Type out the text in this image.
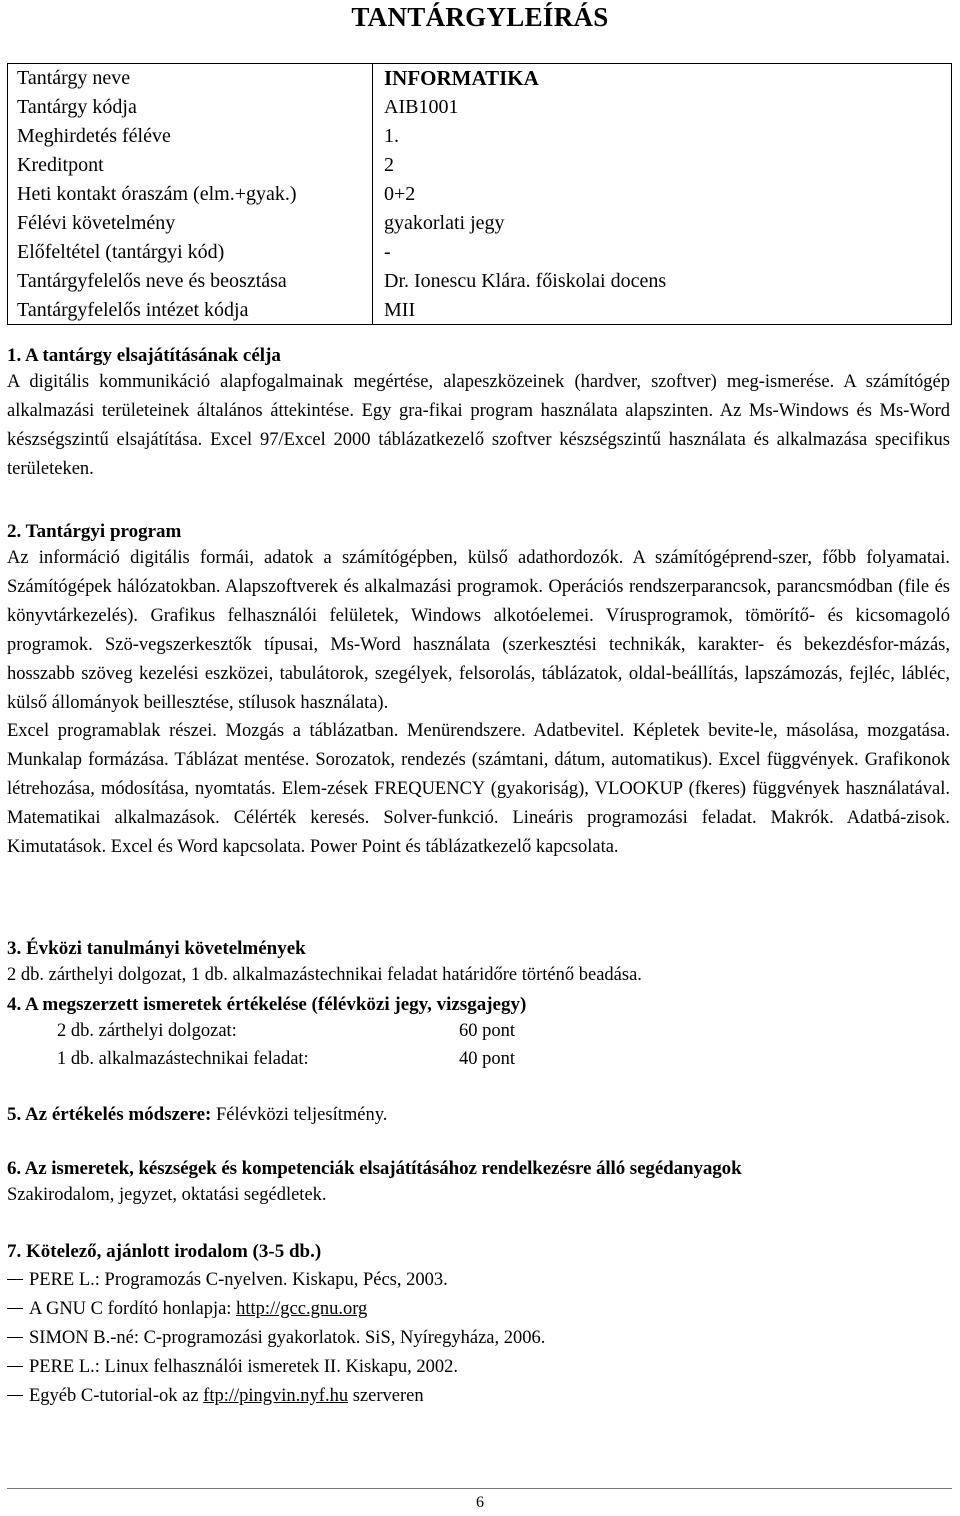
TANTÁRGYLEÍRÁS
Tantárgy neve	INFORMATIKA
Tantárgy kódja	AIB1001
Meghirdetés féléve	1.
Kreditpont	2
Heti kontakt óraszám (elm.+gyak.)	0+2
Félévi követelmény	gyakorlati jegy
Előfeltétel (tantárgyi kód)	-
Tantárgyfelelős neve és beosztása	Dr. Ionescu Klára. főiskolai docens
Tantárgyfelelős intézet kódja	MII
1. A tantárgy elsajátításának célja
A digitális kommunikáció alapfogalmainak megértése, alapeszközeinek (hardver, szoftver) meg-ismerése. A számítógép alkalmazási területeinek általános áttekintése. Egy gra-fikai program használata alapszinten. Az Ms-Windows és Ms-Word készségszintű elsajátítása. Excel 97/Excel 2000 táblázatkezelő szoftver készségszintű használata és alkalmazása specifikus területeken.
2. Tantárgyi program
Az információ digitális formái, adatok a számítógépben, külső adathordozók. A számítógéprend-szer, főbb folyamatai. Számítógépek hálózatokban. Alapszoftverek és alkalmazási programok. Operációs rendszerparancsok, parancsmódban (file és könyvtárkezelés). Grafikus felhasználói felületek, Windows alkotóelemei. Vírusprogramok, tömörítő- és kicsomagoló programok. Szö-vegszerkesztők típusai, Ms-Word használata (szerkesztési technikák, karakter- és bekezdésfor-mázás, hosszabb szöveg kezelési eszközei, tabulátorok, szegélyek, felsorolás, táblázatok, oldal-beállítás, lapszámozás, fejléc, lábléc, külső állományok beillesztése, stílusok használata).
Excel programablak részei. Mozgás a táblázatban. Menürendszere. Adatbevitel. Képletek bevite-le, másolása, mozgatása. Munkalap formázása. Táblázat mentése. Sorozatok, rendezés (számtani, dátum, automatikus). Excel függvények. Grafikonok létrehozása, módosítása, nyomtatás. Elem-zések FREQUENCY (gyakoriság), VLOOKUP (fkeres) függvények használatával. Matematikai alkalmazások. Célérték keresés. Solver-funkció. Lineáris programozási feladat. Makrók. Adatbá-zisok. Kimutatások. Excel és Word kapcsolata. Power Point és táblázatkezelő kapcsolata.
3. Évközi tanulmányi követelmények
2 db. zárthelyi dolgozat, 1 db. alkalmazástechnikai feladat határidőre történő beadása.
4. A megszerzett ismeretek értékelése (félévközi jegy, vizsgajegy)
2 db. zárthelyi dolgozat:	60 pont
1 db. alkalmazástechnikai feladat:	40 pont
5. Az értékelés módszere: Félévközi teljesítmény.
6. Az ismeretek, készségek és kompetenciák elsajátításához rendelkezésre álló segédanyagok
Szakirodalom, jegyzet, oktatási segédletek.
7. Kötelező, ajánlott irodalom (3-5 db.)
PERE L.: Programozás C-nyelven. Kiskapu, Pécs, 2003.
A GNU C fordító honlapja: http://gcc.gnu.org
SIMON B.-né: C-programozási gyakorlatok. SiS, Nyíregyháza, 2006.
PERE L.: Linux felhasználói ismeretek II. Kiskapu, 2002.
Egyéb C-tutorial-ok az ftp://pingvin.nyf.hu szerveren
6
